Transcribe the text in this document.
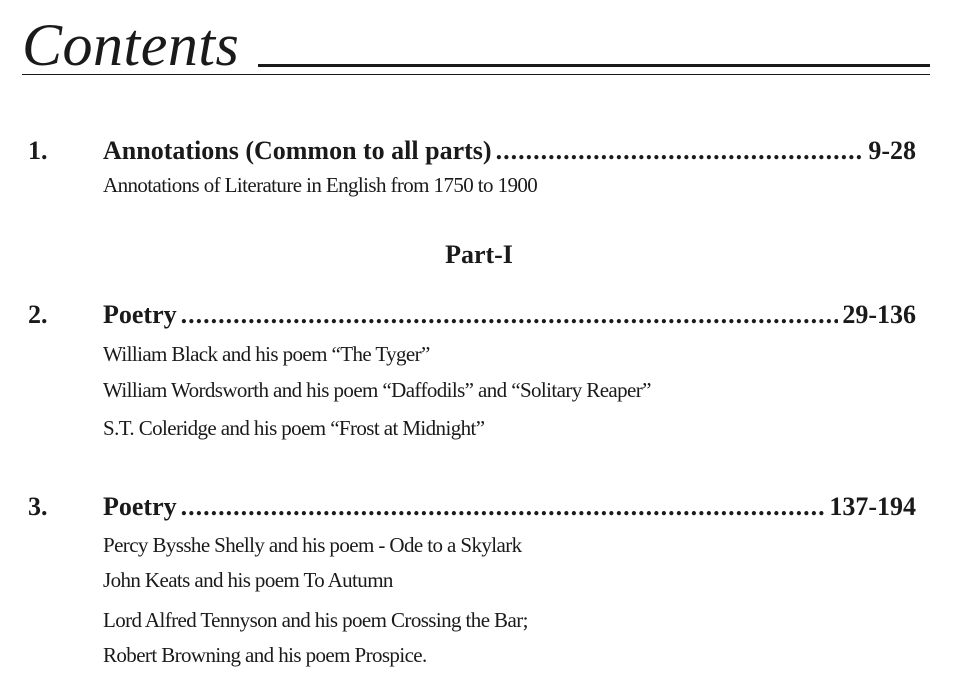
Contents
1.	Annotations (Common to all parts) .....	9-28
Annotations of Literature in English from 1750 to 1900
Part-I
2.	Poetry .....	29-136
William Black and his poem “The Tyger”
William Wordsworth and his poem “Daffodils” and “Solitary Reaper”
S.T. Coleridge and his poem “Frost at Midnight”
3.	Poetry .....	137-194
Percy Bysshe Shelly and his poem - Ode to a Skylark
John Keats and his poem To Autumn
Lord Alfred Tennyson and his poem Crossing the Bar;
Robert Browning and his poem Prospice.
